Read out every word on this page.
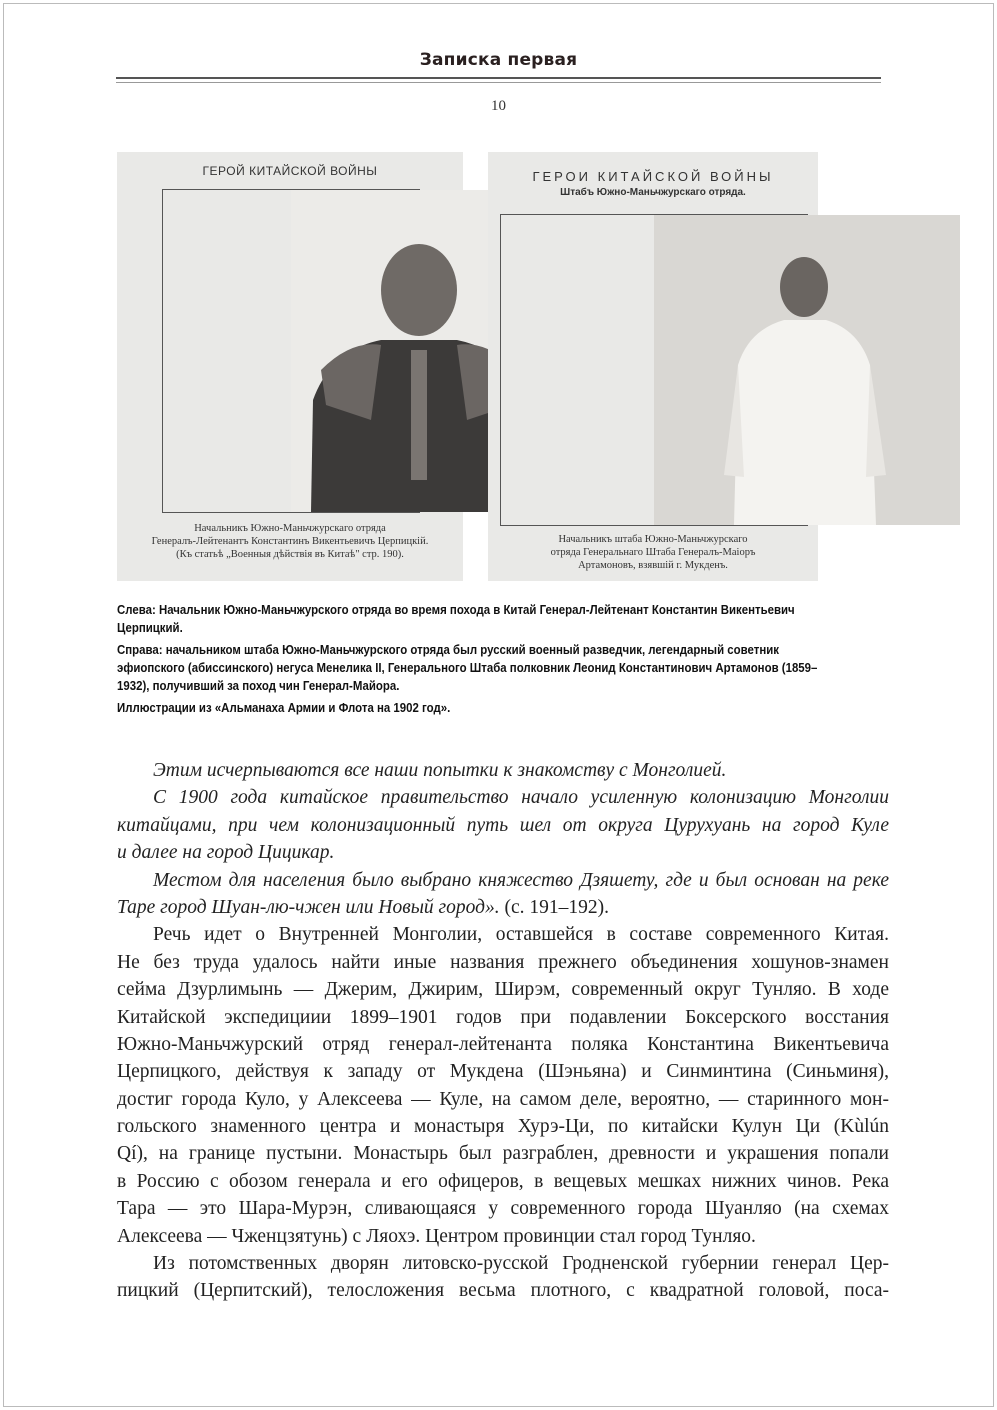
Записка первая
10
ГЕРОЙ КИТАЙСКОЙ ВОЙНЫ
Начальникъ Южно-Маньчжурскаго отряда
Генералъ-Лейтенантъ Константинъ Викентьевичъ Церпицкій.
(Къ статьѣ „Военныя дѣйствія въ Китаѣ" стр. 190).
ГЕРОИ КИТАЙСКОЙ ВОЙНЫ
Штабъ Южно-Маньчжурскаго отряда.
Начальникъ штаба Южно-Маньчжурскаго
отряда Генеральнаго Штаба Генералъ-Маіоръ
Артамоновъ, взявшій г. Мукденъ.

Слева: Начальник Южно-Маньчжурского отряда во время похода в Китай Генерал-Лейтенант Константин Викентьевич Церпицкий.

Справа: начальником штаба Южно-Маньчжурского отряда был русский военный разведчик, легендарный советник эфиопского (абиссинского) негуса Менелика II, Генерального Штаба полковник Леонид Константинович Артамонов (1859–1932), получивший за поход чин Генерал-Майора.

Иллюстрации из «Альманаха Армии и Флота на 1902 год».

Этим исчерпываются все наши попытки к знакомству с Монголией.
С 1900 года китайское правительство начало усиленную колонизацию Монголии
китайцами, при чем колонизационный путь шел от округа Цурухуань на город Куле
и далее на город Цицикар.
Местом для населения было выбрано княжество Дзяшету, где и был основан на реке
Таре город Шуан-лю-чжен или Новый город». (с. 191–192).
Речь идет о Внутренней Монголии, оставшейся в составе современного Китая.
Не без труда удалось найти иные названия прежнего объединения хошунов-знамен
сейма Дзурлимынь — Джерим, Джирим, Ширэм, современный округ Тунляо. В ходе
Китайской экспедициии 1899–1901 годов при подавлении Боксерского восстания
Южно-Маньчжурский отряд генерал-лейтенанта поляка Константина Викентьевича
Церпицкого, действуя к западу от Мукдена (Шэньяна) и Синминтина (Синьминя),
достиг города Куло, у Алексеева — Куле, на самом деле, вероятно, — старинного мон-
гольского знаменного центра и монастыря Хурэ-Ци, по китайски Кулун Ци (Kùlún
Qí), на границе пустыни. Монастырь был разграблен, древности и украшения попали
в Россию с обозом генерала и его офицеров, в вещевых мешках нижних чинов. Река
Тара — это Шара-Мурэн, сливающаяся у современного города Шуанляо (на схемах
Алексеева — Чженцзятунь) с Ляохэ. Центром провинции стал город Тунляо.
Из потомственных дворян литовско-русской Гродненской губернии генерал Цер-
пицкий (Церпитский), телосложения весьма плотного, с квадратной головой, поса-
